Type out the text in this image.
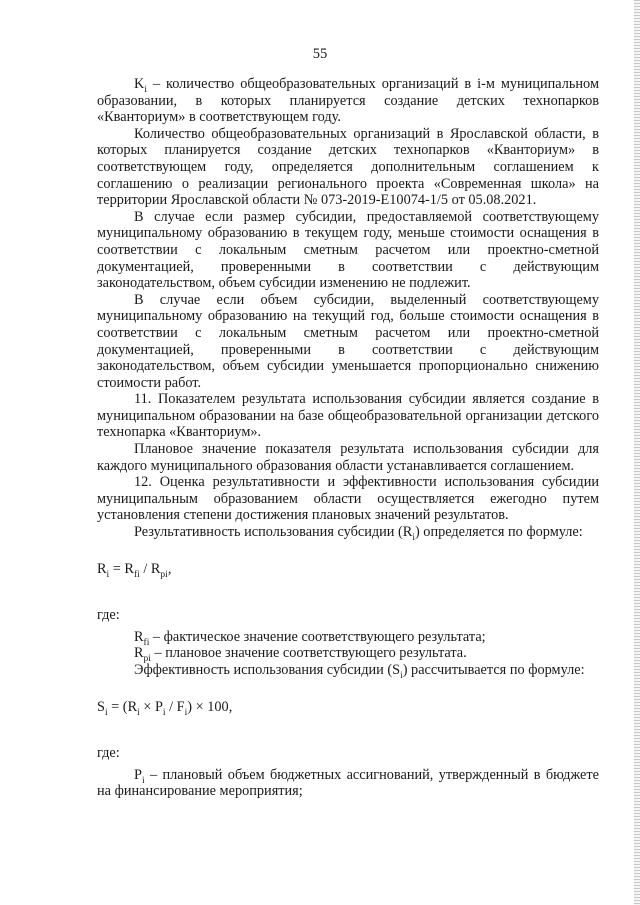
55

$K_i$ – количество общеобразовательных организаций в i-м муниципальном образовании, в которых планируется создание детских технопарков «Кванториум» в соответствующем году.

Количество общеобразовательных организаций в Ярославской области, в которых планируется создание детских технопарков «Кванториум» в соответствующем году, определяется дополнительным соглашением к соглашению о реализации регионального проекта «Современная школа» на территории Ярославской области № 073-2019-Е10074-1/5 от 05.08.2021.

В случае если размер субсидии, предоставляемой соответствующему муниципальному образованию в текущем году, меньше стоимости оснащения в соответствии с локальным сметным расчетом или проектно-сметной документацией, проверенными в соответствии с действующим законодательством, объем субсидии изменению не подлежит.

В случае если объем субсидии, выделенный соответствующему муниципальному образованию на текущий год, больше стоимости оснащения в соответствии с локальным сметным расчетом или проектно-сметной документацией, проверенными в соответствии с действующим законодательством, объем субсидии уменьшается пропорционально снижению стоимости работ.

11. Показателем результата использования субсидии является создание в муниципальном образовании на базе общеобразовательной организации детского технопарка «Кванториум».

Плановое значение показателя результата использования субсидии для каждого муниципального образования области устанавливается соглашением.

12. Оценка результативности и эффективности использования субсидии муниципальным образованием области осуществляется ежегодно путем установления степени достижения плановых значений результатов.

Результативность использования субсидии $(R_i)$ определяется по формуле:

$R_i = R_{fi} / R_{pi}$,

где:

$R_{fi}$ – фактическое значение соответствующего результата;

$R_{pi}$ – плановое значение соответствующего результата.

Эффективность использования субсидии $(S_i)$ рассчитывается по формуле:

$S_i = (R_i \times P_i / F_i) \times 100$,

где:

$P_i$ – плановый объем бюджетных ассигнований, утвержденный в бюджете на финансирование мероприятия;
